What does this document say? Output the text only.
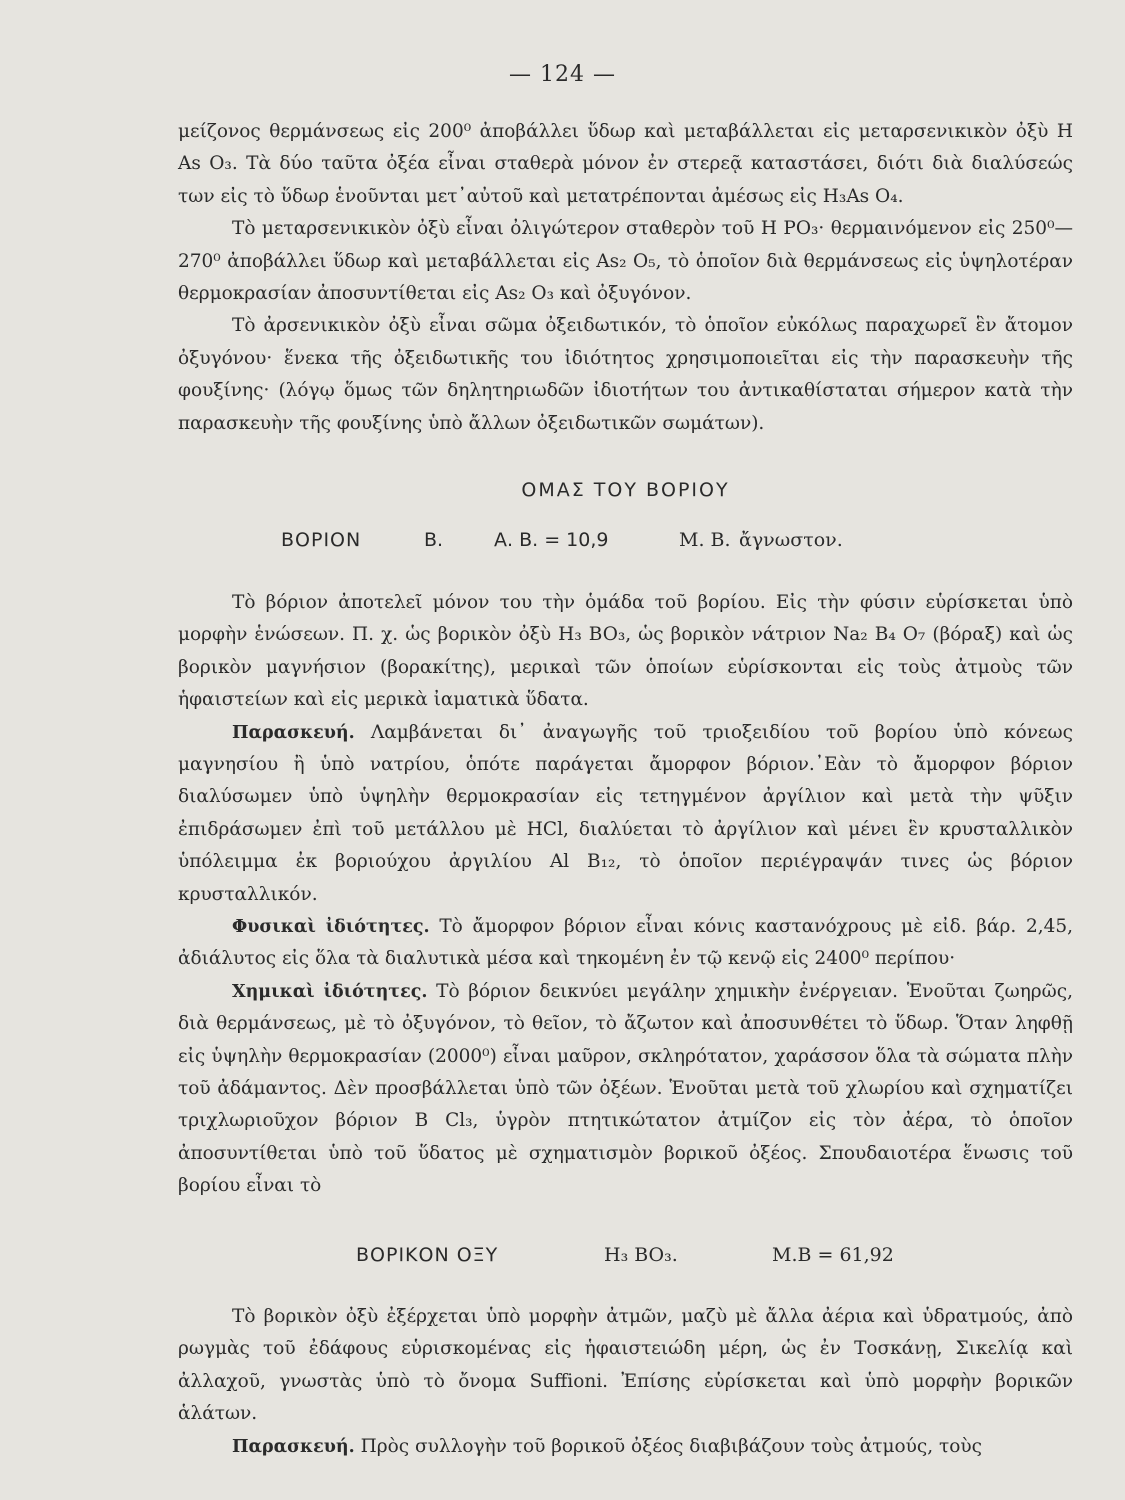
— 124 —

μείζονος θερμάνσεως εἰς 200⁰ ἀποβάλλει ὕδωρ καὶ μεταβάλλεται εἰς μεταρσενικικὸν ὀξὺ H As O₃. Τὰ δύο ταῦτα ὀξέα εἶναι σταθερὰ μόνον ἐν στερεᾷ καταστάσει, διότι διὰ διαλύσεώς των εἰς τὸ ὕδωρ ἑνοῦνται μετ᾽αὐτοῦ καὶ μετατρέπονται ἀμέσως εἰς H₃As O₄.

Τὸ μεταρσενικικὸν ὀξὺ εἶναι ὀλιγώτερον σταθερὸν τοῦ H PO₃· θερμαινόμενον εἰς 250⁰—270⁰ ἀποβάλλει ὕδωρ καὶ μεταβάλλεται εἰς As₂ O₅, τὸ ὁποῖον διὰ θερμάνσεως εἰς ὑψηλοτέραν θερμοκρασίαν ἀποσυντίθεται εἰς As₂ O₃ καὶ ὀξυγόνον.

Τὸ ἀρσενικικὸν ὀξὺ εἶναι σῶμα ὀξειδωτικόν, τὸ ὁποῖον εὐκόλως παραχωρεῖ ἓν ἄτομον ὀξυγόνου· ἕνεκα τῆς ὀξειδωτικῆς του ἰδιότητος χρησιμοποιεῖται εἰς τὴν παρασκευὴν τῆς φουξίνης· (λόγῳ ὅμως τῶν δηλητηριωδῶν ἰδιοτήτων του ἀντικαθίσταται σήμερον κατὰ τὴν παρασκευὴν τῆς φουξίνης ὑπὸ ἄλλων ὀξειδωτικῶν σωμάτων).

ΟΜΑΣ ΤΟΥ ΒΟΡΙΟΥ
ΒΟΡΙΟΝ	Β.	Α. Β. = 10,9	Μ. Β. ἄγνωστον.

Τὸ βόριον ἀποτελεῖ μόνον του τὴν ὁμάδα τοῦ βορίου. Εἰς τὴν φύσιν εὑρίσκεται ὑπὸ μορφὴν ἑνώσεων. Π. χ. ὡς βορικὸν ὀξὺ H₃ BO₃, ὡς βορικὸν νάτριον Na₂ B₄ O₇ (βόραξ) καὶ ὡς βορικὸν μαγνήσιον (βορακίτης), μερικαὶ τῶν ὁποίων εὑρίσκονται εἰς τοὺς ἀτμοὺς τῶν ἡφαιστείων καὶ εἰς μερικὰ ἰαματικὰ ὕδατα.

Παρασκευή. Λαμβάνεται δι᾽ ἀναγωγῆς τοῦ τριοξειδίου τοῦ βορίου ὑπὸ κόνεως μαγνησίου ἢ ὑπὸ νατρίου, ὁπότε παράγεται ἄμορφον βόριον.᾽Εὰν τὸ ἄμορφον βόριον διαλύσωμεν ὑπὸ ὑψηλὴν θερμοκρασίαν εἰς τετηγμένον ἀργίλιον καὶ μετὰ τὴν ψῦξιν ἐπιδράσωμεν ἐπὶ τοῦ μετάλλου μὲ HCl, διαλύεται τὸ ἀργίλιον καὶ μένει ἓν κρυσταλλικὸν ὑπόλειμμα ἐκ βοριούχου ἀργιλίου Al B₁₂, τὸ ὁποῖον περιέγραψάν τινες ὡς βόριον κρυσταλλικόν.

Φυσικαὶ ἰδιότητες. Τὸ ἄμορφον βόριον εἶναι κόνις καστανόχρους μὲ εἰδ. βάρ. 2,45, ἀδιάλυτος εἰς ὅλα τὰ διαλυτικὰ μέσα καὶ τηκομένη ἐν τῷ κενῷ εἰς 2400⁰ περίπου·

Χημικαὶ ἰδιότητες. Τὸ βόριον δεικνύει μεγάλην χημικὴν ἐνέργειαν. Ἑνοῦται ζωηρῶς, διὰ θερμάνσεως, μὲ τὸ ὀξυγόνον, τὸ θεῖον, τὸ ἄζωτον καὶ ἀποσυνθέτει τὸ ὕδωρ. Ὅταν ληφθῇ εἰς ὑψηλὴν θερμοκρασίαν (2000⁰) εἶναι μαῦρον, σκληρότατον, χαράσσον ὅλα τὰ σώματα πλὴν τοῦ ἀδάμαντος. Δὲν προσβάλλεται ὑπὸ τῶν ὀξέων. Ἑνοῦται μετὰ τοῦ χλωρίου καὶ σχηματίζει τριχλωριοῦχον βόριον B Cl₃, ὑγρὸν πτητικώτατον ἀτμίζον εἰς τὸν ἀέρα, τὸ ὁποῖον ἀποσυντίθεται ὑπὸ τοῦ ὕδατος μὲ σχηματισμὸν βορικοῦ ὀξέος. Σπουδαιοτέρα ἕνωσις τοῦ βορίου εἶναι τὸ

ΒΟΡΙΚΟΝ ΟΞΥ	H₃ BO₃.	Μ.Β = 61,92

Τὸ βορικὸν ὀξὺ ἐξέρχεται ὑπὸ μορφὴν ἀτμῶν, μαζὺ μὲ ἄλλα ἀέρια καὶ ὑδρατμούς, ἀπὸ ρωγμὰς τοῦ ἐδάφους εὑρισκομένας εἰς ἡφαιστειώδη μέρη, ὡς ἐν Τοσκάνῃ, Σικελίᾳ καὶ ἀλλαχοῦ, γνωστὰς ὑπὸ τὸ ὄνομα Suffioni. Ἐπίσης εὑρίσκεται καὶ ὑπὸ μορφὴν βορικῶν ἁλάτων.

Παρασκευή. Πρὸς συλλογὴν τοῦ βορικοῦ ὀξέος διαβιβάζουν τοὺς ἀτμούς, τοὺς
